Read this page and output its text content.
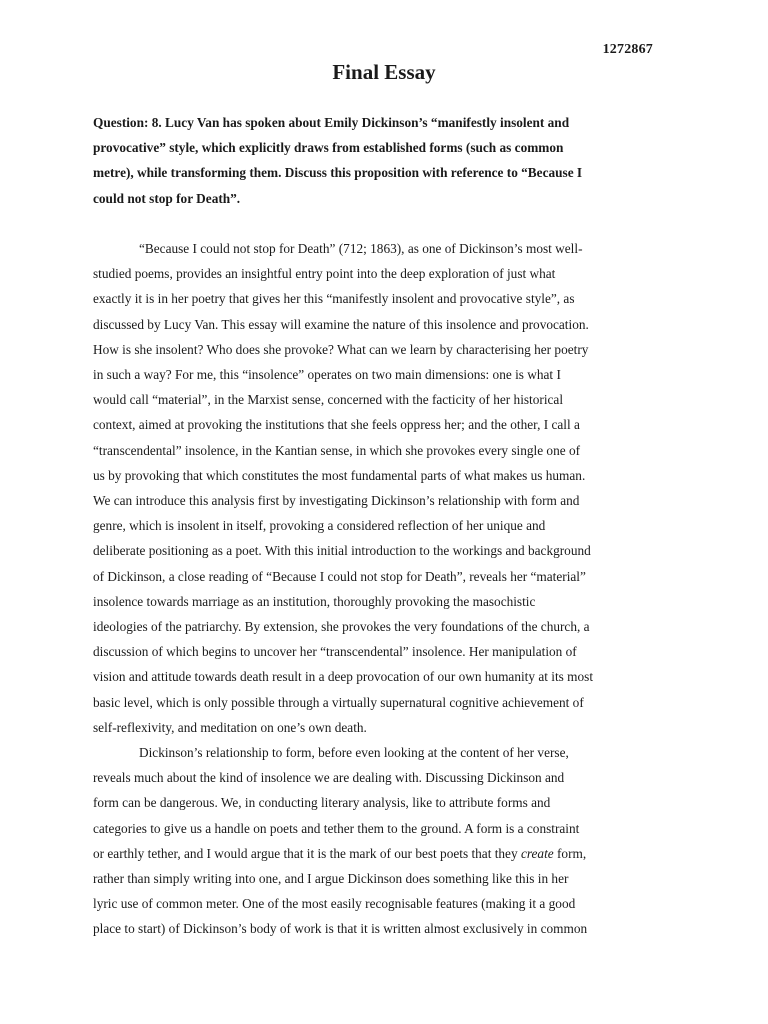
1272867
Final Essay
Question: 8. Lucy Van has spoken about Emily Dickinson’s “manifestly insolent and
provocative” style, which explicitly draws from established forms (such as common
metre), while transforming them. Discuss this proposition with reference to “Because I
could not stop for Death”.
“Because I could not stop for Death” (712; 1863), as one of Dickinson’s most well-
studied poems, provides an insightful entry point into the deep exploration of just what
exactly it is in her poetry that gives her this “manifestly insolent and provocative style”, as
discussed by Lucy Van. This essay will examine the nature of this insolence and provocation.
How is she insolent? Who does she provoke? What can we learn by characterising her poetry
in such a way? For me, this “insolence” operates on two main dimensions: one is what I
would call “material”, in the Marxist sense, concerned with the facticity of her historical
context, aimed at provoking the institutions that she feels oppress her; and the other, I call a
“transcendental” insolence, in the Kantian sense, in which she provokes every single one of
us by provoking that which constitutes the most fundamental parts of what makes us human.
We can introduce this analysis first by investigating Dickinson’s relationship with form and
genre, which is insolent in itself, provoking a considered reflection of her unique and
deliberate positioning as a poet. With this initial introduction to the workings and background
of Dickinson, a close reading of “Because I could not stop for Death”, reveals her “material”
insolence towards marriage as an institution, thoroughly provoking the masochistic
ideologies of the patriarchy. By extension, she provokes the very foundations of the church, a
discussion of which begins to uncover her “transcendental” insolence. Her manipulation of
vision and attitude towards death result in a deep provocation of our own humanity at its most
basic level, which is only possible through a virtually supernatural cognitive achievement of
self-reflexivity, and meditation on one’s own death.
Dickinson’s relationship to form, before even looking at the content of her verse,
reveals much about the kind of insolence we are dealing with. Discussing Dickinson and
form can be dangerous. We, in conducting literary analysis, like to attribute forms and
categories to give us a handle on poets and tether them to the ground. A form is a constraint
or earthly tether, and I would argue that it is the mark of our best poets that they create form,
rather than simply writing into one, and I argue Dickinson does something like this in her
lyric use of common meter. One of the most easily recognisable features (making it a good
place to start) of Dickinson’s body of work is that it is written almost exclusively in common
